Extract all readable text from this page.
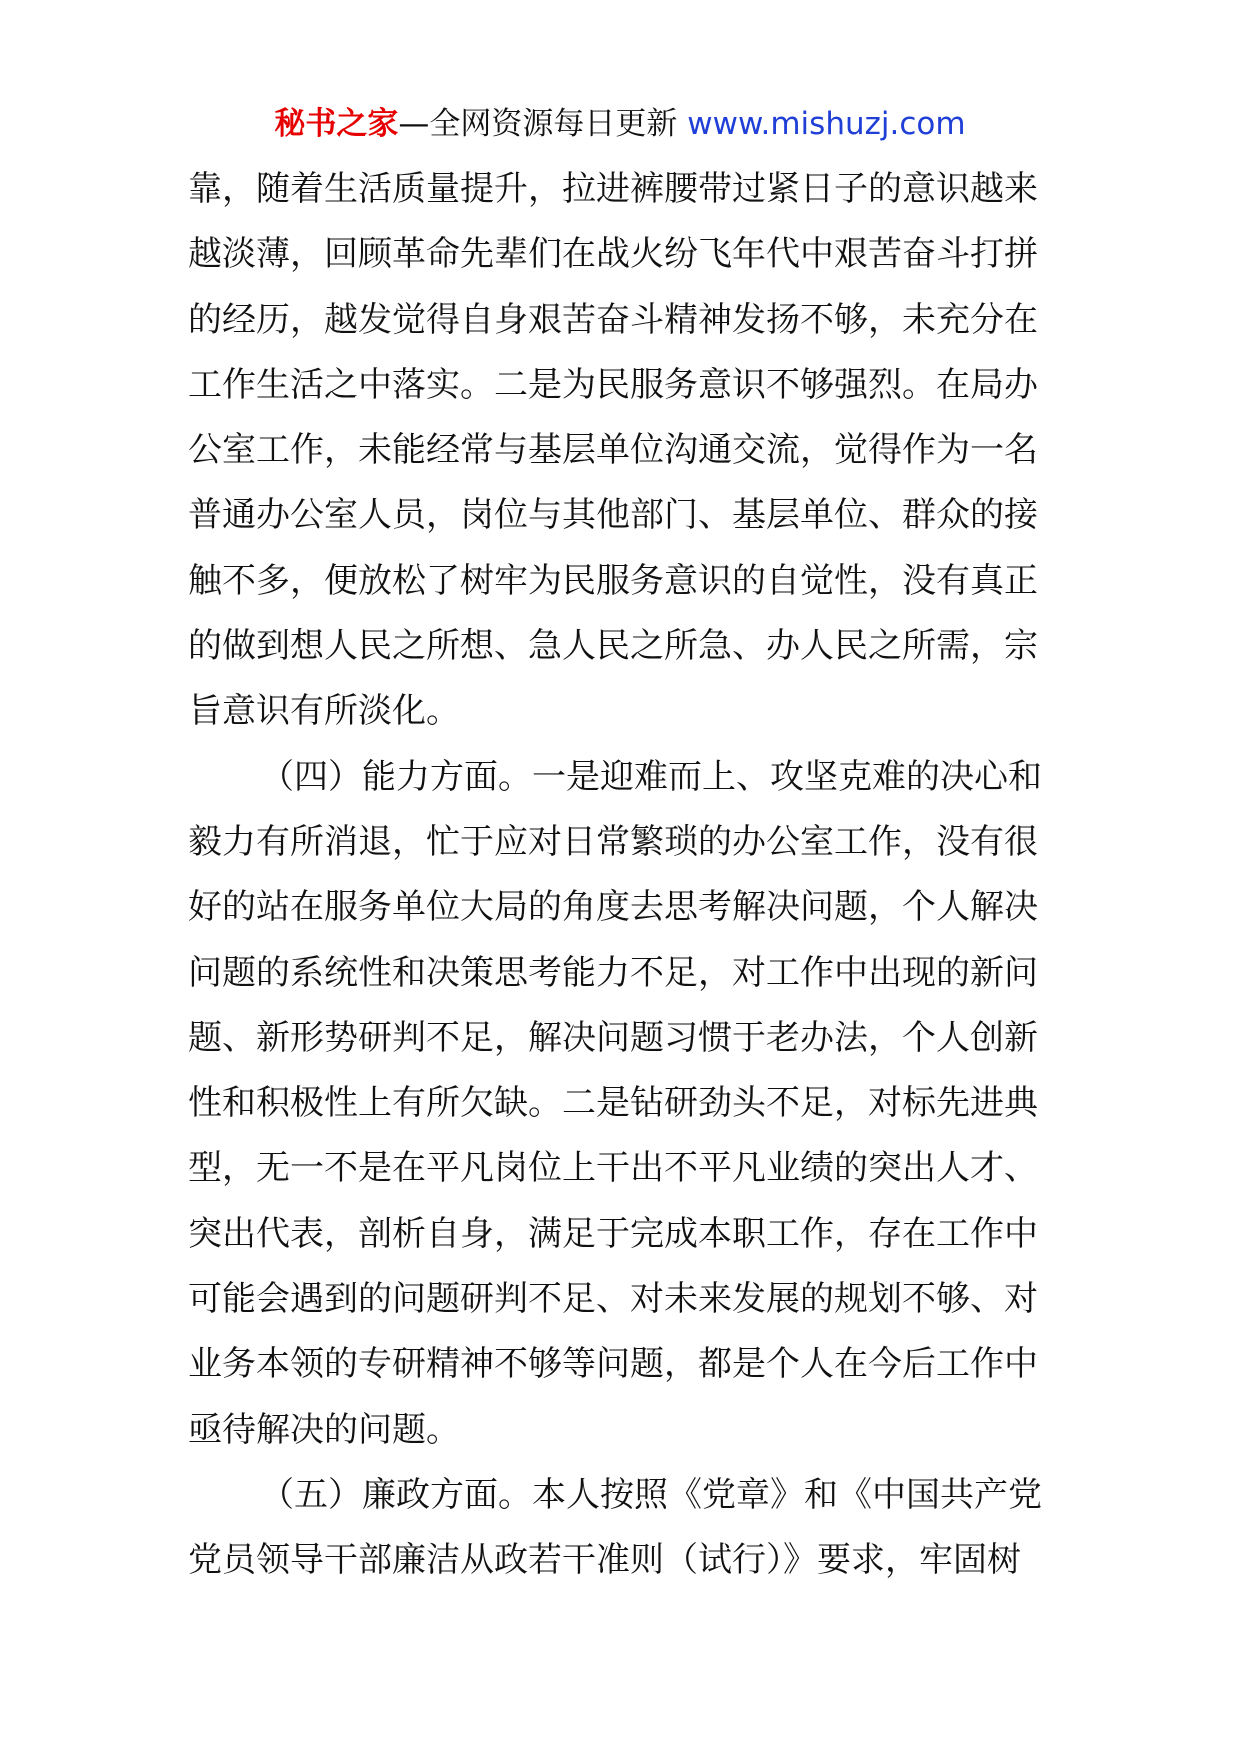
秘书之家—全网资源每日更新 www.mishuzj.com
靠，随着生活质量提升，拉进裤腰带过紧日子的意识越来
越淡薄，回顾革命先辈们在战火纷飞年代中艰苦奋斗打拼
的经历，越发觉得自身艰苦奋斗精神发扬不够，未充分在
工作生活之中落实。二是为民服务意识不够强烈。在局办
公室工作，未能经常与基层单位沟通交流，觉得作为一名
普通办公室人员，岗位与其他部门、基层单位、群众的接
触不多，便放松了树牢为民服务意识的自觉性，没有真正
的做到想人民之所想、急人民之所急、办人民之所需，宗
旨意识有所淡化。
（四）能力方面。一是迎难而上、攻坚克难的决心和
毅力有所消退，忙于应对日常繁琐的办公室工作，没有很
好的站在服务单位大局的角度去思考解决问题，个人解决
问题的系统性和决策思考能力不足，对工作中出现的新问
题、新形势研判不足，解决问题习惯于老办法，个人创新
性和积极性上有所欠缺。二是钻研劲头不足，对标先进典
型，无一不是在平凡岗位上干出不平凡业绩的突出人才、
突出代表，剖析自身，满足于完成本职工作，存在工作中
可能会遇到的问题研判不足、对未来发展的规划不够、对
业务本领的专研精神不够等问题，都是个人在今后工作中
亟待解决的问题。
（五）廉政方面。本人按照《党章》和《中国共产党
党员领导干部廉洁从政若干准则（试行）》要求，牢固树
